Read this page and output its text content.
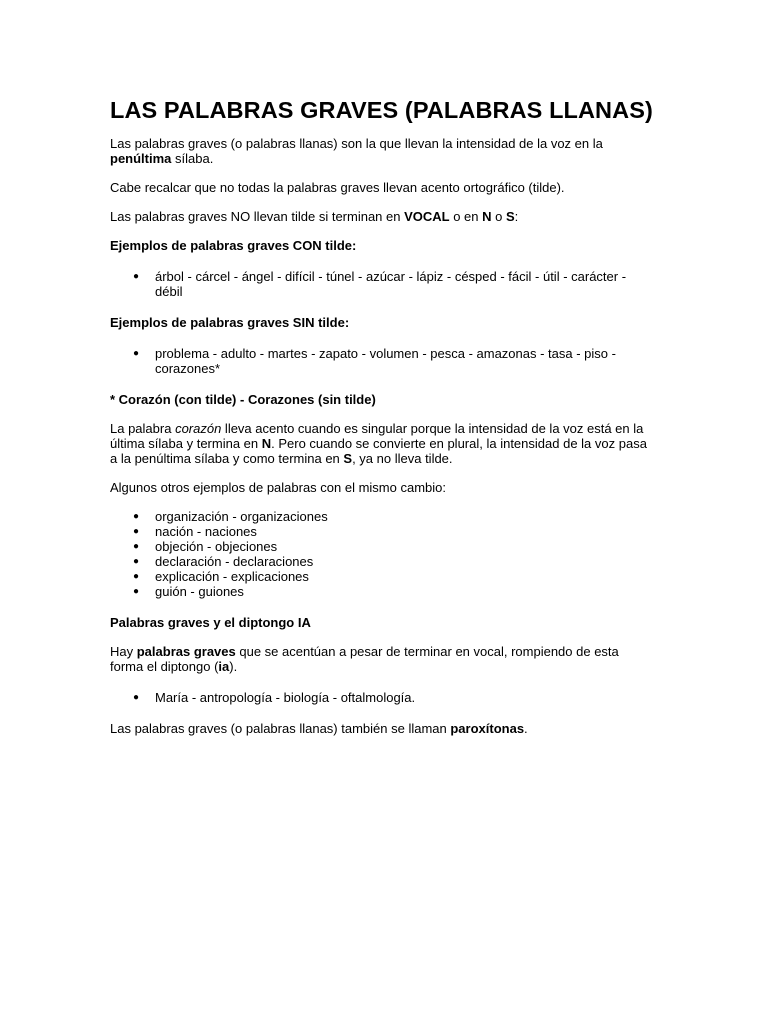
LAS PALABRAS GRAVES (PALABRAS LLANAS)

Las palabras graves (o palabras llanas) son la que llevan la intensidad de la voz en la penúltima sílaba.

Cabe recalcar que no todas la palabras graves llevan acento ortográfico (tilde).

Las palabras graves NO llevan tilde si terminan en VOCAL o en N o S:

Ejemplos de palabras graves CON tilde:

● árbol - cárcel - ángel - difícil - túnel - azúcar - lápiz - césped - fácil - útil - carácter - débil

Ejemplos de palabras graves SIN tilde:

● problema - adulto - martes - zapato - volumen - pesca - amazonas - tasa - piso - corazones*

* Corazón (con tilde) - Corazones (sin tilde)

La palabra corazón lleva acento cuando es singular porque la intensidad de la voz está en la última sílaba y termina en N. Pero cuando se convierte en plural, la intensidad de la voz pasa a la penúltima sílaba y como termina en S, ya no lleva tilde.

Algunos otros ejemplos de palabras con el mismo cambio:

● organización - organizaciones
● nación - naciones
● objeción - objeciones
● declaración - declaraciones
● explicación - explicaciones
● guión - guiones

Palabras graves y el diptongo IA

Hay palabras graves que se acentúan a pesar de terminar en vocal, rompiendo de esta forma el diptongo (ia).

● María - antropología - biología - oftalmología.

Las palabras graves (o palabras llanas) también se llaman paroxítonas.
